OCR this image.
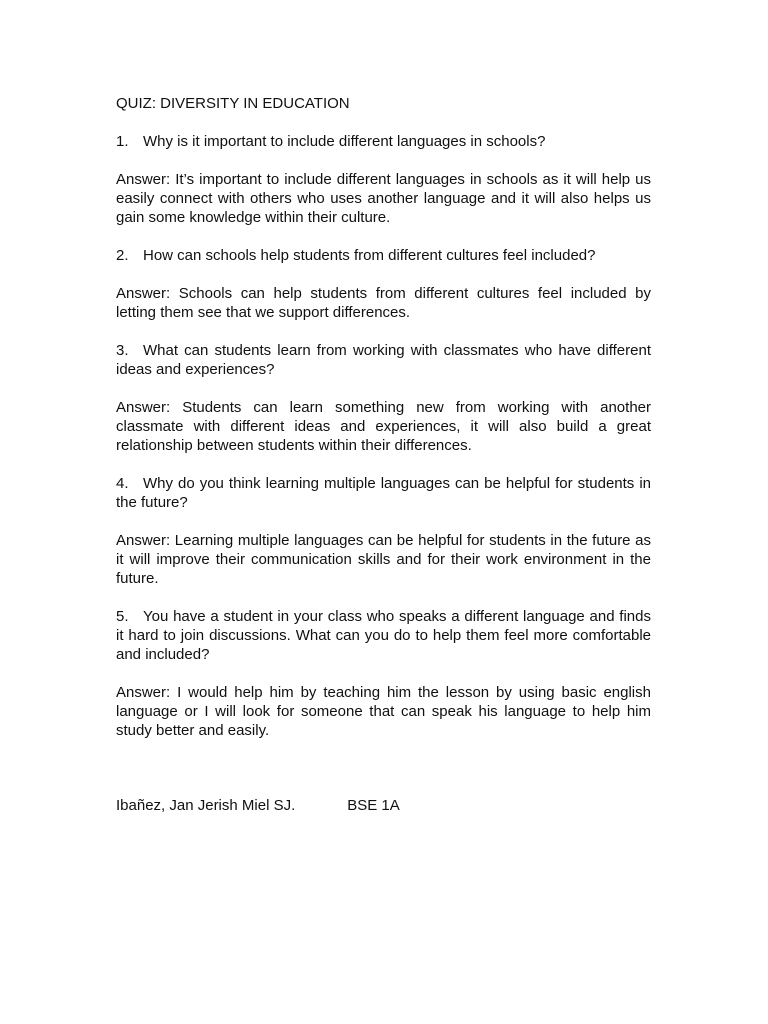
QUIZ: DIVERSITY IN EDUCATION

1. Why is it important to include different languages in schools?

Answer: It’s important to include different languages in schools as it will help us easily connect with others who uses another language and it will also helps us gain some knowledge within their culture.

2. How can schools help students from different cultures feel included?

Answer: Schools can help students from different cultures feel included by letting them see that we support differences.

3. What can students learn from working with classmates who have different ideas and experiences?

Answer: Students can learn something new from working with another classmate with different ideas and experiences, it will also build a great relationship between students within their differences.

4. Why do you think learning multiple languages can be helpful for students in the future?

Answer: Learning multiple languages can be helpful for students in the future as it will improve their communication skills and for their work environment in the future.

5. You have a student in your class who speaks a different language and finds it hard to join discussions. What can you do to help them feel more comfortable and included?

Answer: I would help him by teaching him the lesson by using basic english language or I will look for someone that can speak his language to help him study better and easily.

Ibañez, Jan Jerish Miel SJ.	BSE 1A
